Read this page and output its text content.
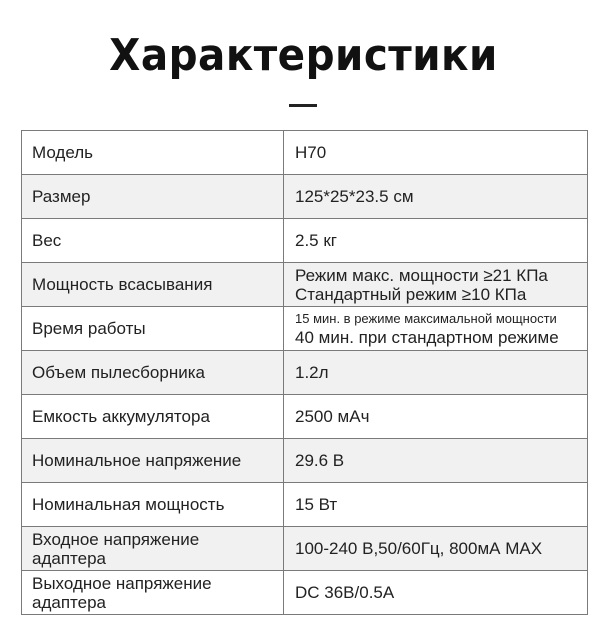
Характеристики
Модель	H70

Размер	125*25*23.5 см

Вес	2.5 кг

Мощность всасывания	Режим макс. мощности ≥21 КПа
Стандартный режим ≥10 КПа

Время работы	15 мин. в режиме максимальной мощности
40 мин. при стандартном режиме

Объем пылесборника	1.2л

Емкость аккумулятора	2500 мАч

Номинальное напряжение	29.6 В

Номинальная мощность	15 Вт

Входное напряжение адаптера	100-240 В,50/60Гц, 800мА MAX

Выходное напряжение адаптера	DC 36В/0.5А
